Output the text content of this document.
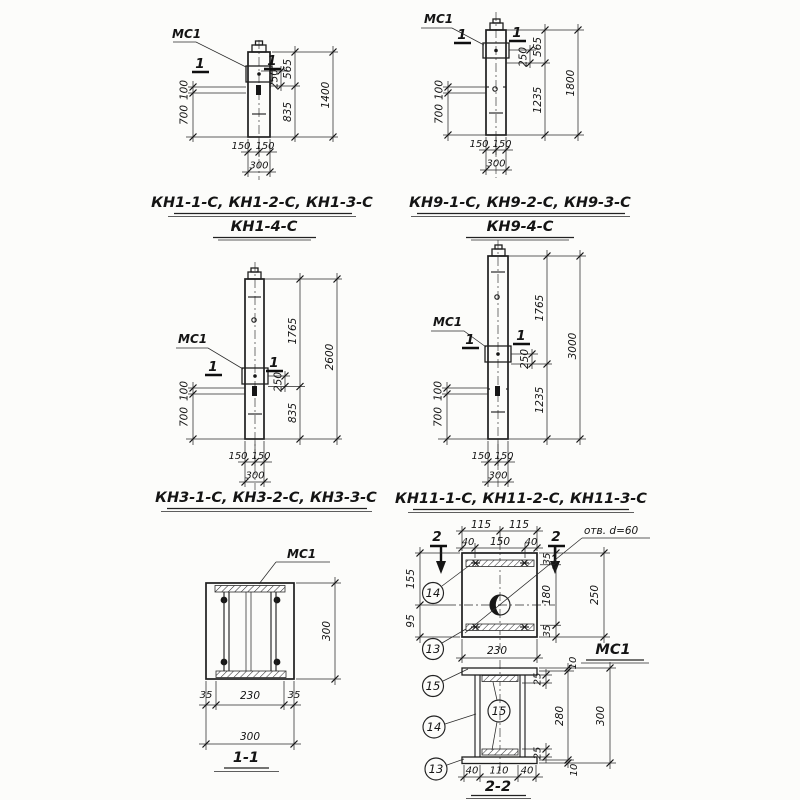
МС1
1	1 565
835
250
1400
100
700
150 150
300
КН1-1-С, КН1-2-С, КН1-3-С
КН1-4-С
МС1
1	1
565
1235
250
1800
100
700
150 150
300
КН9-1-С, КН9-2-С, КН9-3-С
КН9-4-С
МС1
1	1
1765
835
250
2600
100
700
150 150
300
КН3-1-С, КН3-2-С, КН3-3-С
МС1
1	1
1765
1235
250	3000
100
700
150 150
300
КН11-1-С, КН11-2-С, КН11-3-С
МС1
300
35	230	35
300
1-1
115 115
40 150 40
2	2 отв. d=60
155
95
14
13
15
35
180
35
250
230	МС1
15
14
13
25
25
10
280
10
300
40 110 40
2-2
